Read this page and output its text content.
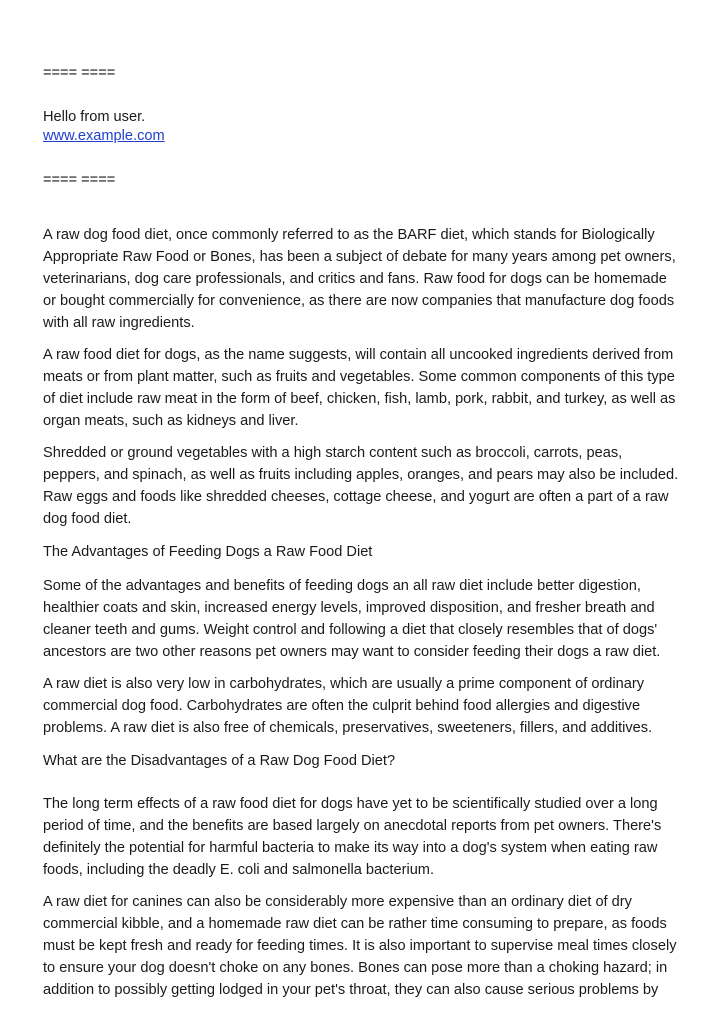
==== ====
Hello from user.
www.example.com
==== ====
A raw dog food diet, once commonly referred to as the BARF diet, which stands for Biologically
Appropriate Raw Food or Bones, has been a subject of debate for many years among pet owners,
veterinarians, dog care professionals, and critics and fans. Raw food for dogs can be homemade
or bought commercially for convenience, as there are now companies that manufacture dog foods
with all raw ingredients.
A raw food diet for dogs, as the name suggests, will contain all uncooked ingredients derived from
meats or from plant matter, such as fruits and vegetables. Some common components of this type
of diet include raw meat in the form of beef, chicken, fish, lamb, pork, rabbit, and turkey, as well as
organ meats, such as kidneys and liver.
Shredded or ground vegetables with a high starch content such as broccoli, carrots, peas,
peppers, and spinach, as well as fruits including apples, oranges, and pears may also be included.
Raw eggs and foods like shredded cheeses, cottage cheese, and yogurt are often a part of a raw
dog food diet.
The Advantages of Feeding Dogs a Raw Food Diet
Some of the advantages and benefits of feeding dogs an all raw diet include better digestion,
healthier coats and skin, increased energy levels, improved disposition, and fresher breath and
cleaner teeth and gums. Weight control and following a diet that closely resembles that of dogs'
ancestors are two other reasons pet owners may want to consider feeding their dogs a raw diet.
A raw diet is also very low in carbohydrates, which are usually a prime component of ordinary
commercial dog food. Carbohydrates are often the culprit behind food allergies and digestive
problems. A raw diet is also free of chemicals, preservatives, sweeteners, fillers, and additives.
What are the Disadvantages of a Raw Dog Food Diet?
The long term effects of a raw food diet for dogs have yet to be scientifically studied over a long
period of time, and the benefits are based largely on anecdotal reports from pet owners. There's
definitely the potential for harmful bacteria to make its way into a dog's system when eating raw
foods, including the deadly E. coli and salmonella bacterium.
A raw diet for canines can also be considerably more expensive than an ordinary diet of dry
commercial kibble, and a homemade raw diet can be rather time consuming to prepare, as foods
must be kept fresh and ready for feeding times. It is also important to supervise meal times closely
to ensure your dog doesn't choke on any bones. Bones can pose more than a choking hazard; in
addition to possibly getting lodged in your pet's throat, they can also cause serious problems by
